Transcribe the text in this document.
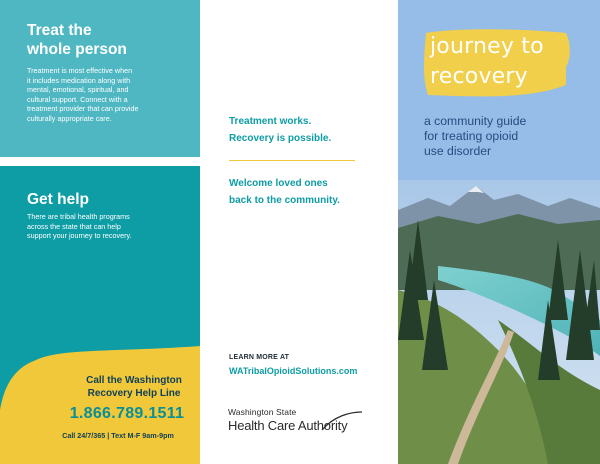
Treat the
whole person
Treatment is most effective when
it includes medication along with
mental, emotional, spiritual, and
cultural support. Connect with a
treatment provider that can provide
culturally appropriate care.
Get help
There are tribal health programs
across the state that can help
support your journey to recovery.
Call the Washington
Recovery Help Line
1.866.789.1511
Call 24/7/365 | Text M-F 9am-9pm
Treatment works.
Recovery is possible.
Welcome loved ones
back to the community.
LEARN MORE AT
WATribalOpioidSolutions.com
Washington State
Health Care Authority
journey to
recovery
a community guide
for treating opioid
use disorder
